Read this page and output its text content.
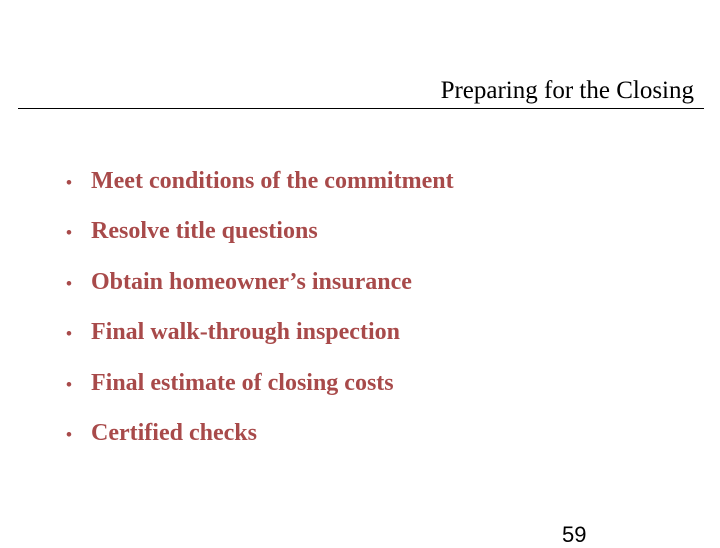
Preparing for the Closing
• Meet conditions of the commitment
• Resolve title questions
• Obtain homeowner’s insurance
• Final walk-through inspection
• Final estimate of closing costs
• Certified checks
59
